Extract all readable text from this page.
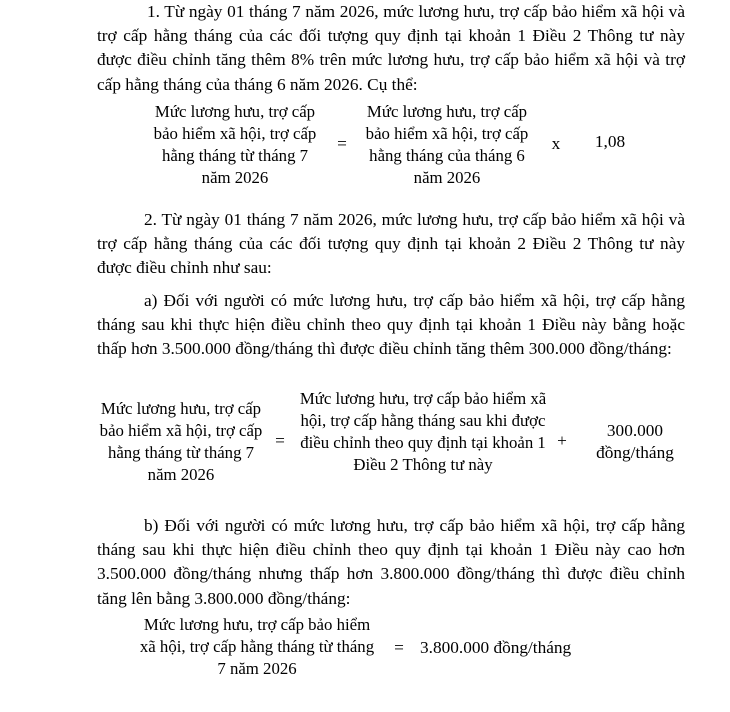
1. Từ ngày 01 tháng 7 năm 2026, mức lương hưu, trợ cấp bảo hiểm xã hội và trợ cấp hằng tháng của các đối tượng quy định tại khoản 1 Điều 2 Thông tư này được điều chỉnh tăng thêm 8% trên mức lương hưu, trợ cấp bảo hiểm xã hội và trợ cấp hằng tháng của tháng 6 năm 2026. Cụ thể:

Mức lương hưu, trợ cấp bảo hiểm xã hội, trợ cấp hằng tháng từ tháng 7 năm 2026

=

Mức lương hưu, trợ cấp bảo hiểm xã hội, trợ cấp hằng tháng của tháng 6 năm 2026

x	1,08

2. Từ ngày 01 tháng 7 năm 2026, mức lương hưu, trợ cấp bảo hiểm xã hội và trợ cấp hằng tháng của các đối tượng quy định tại khoản 2 Điều 2 Thông tư này được điều chỉnh như sau:

a) Đối với người có mức lương hưu, trợ cấp bảo hiểm xã hội, trợ cấp hằng tháng sau khi thực hiện điều chỉnh theo quy định tại khoản 1 Điều này bằng hoặc thấp hơn 3.500.000 đồng/tháng thì được điều chỉnh tăng thêm 300.000 đồng/tháng:

Mức lương hưu, trợ cấp bảo hiểm xã hội, trợ cấp hằng tháng từ tháng 7 năm 2026

=

Mức lương hưu, trợ cấp bảo hiểm xã hội, trợ cấp hằng tháng sau khi được điều chỉnh theo quy định tại khoản 1 Điều 2 Thông tư này

+

300.000 đồng/tháng

b) Đối với người có mức lương hưu, trợ cấp bảo hiểm xã hội, trợ cấp hằng tháng sau khi thực hiện điều chỉnh theo quy định tại khoản 1 Điều này cao hơn 3.500.000 đồng/tháng nhưng thấp hơn 3.800.000 đồng/tháng thì được điều chỉnh tăng lên bằng 3.800.000 đồng/tháng:

Mức lương hưu, trợ cấp bảo hiểm xã hội, trợ cấp hằng tháng từ tháng 7 năm 2026

= 3.800.000 đồng/tháng
